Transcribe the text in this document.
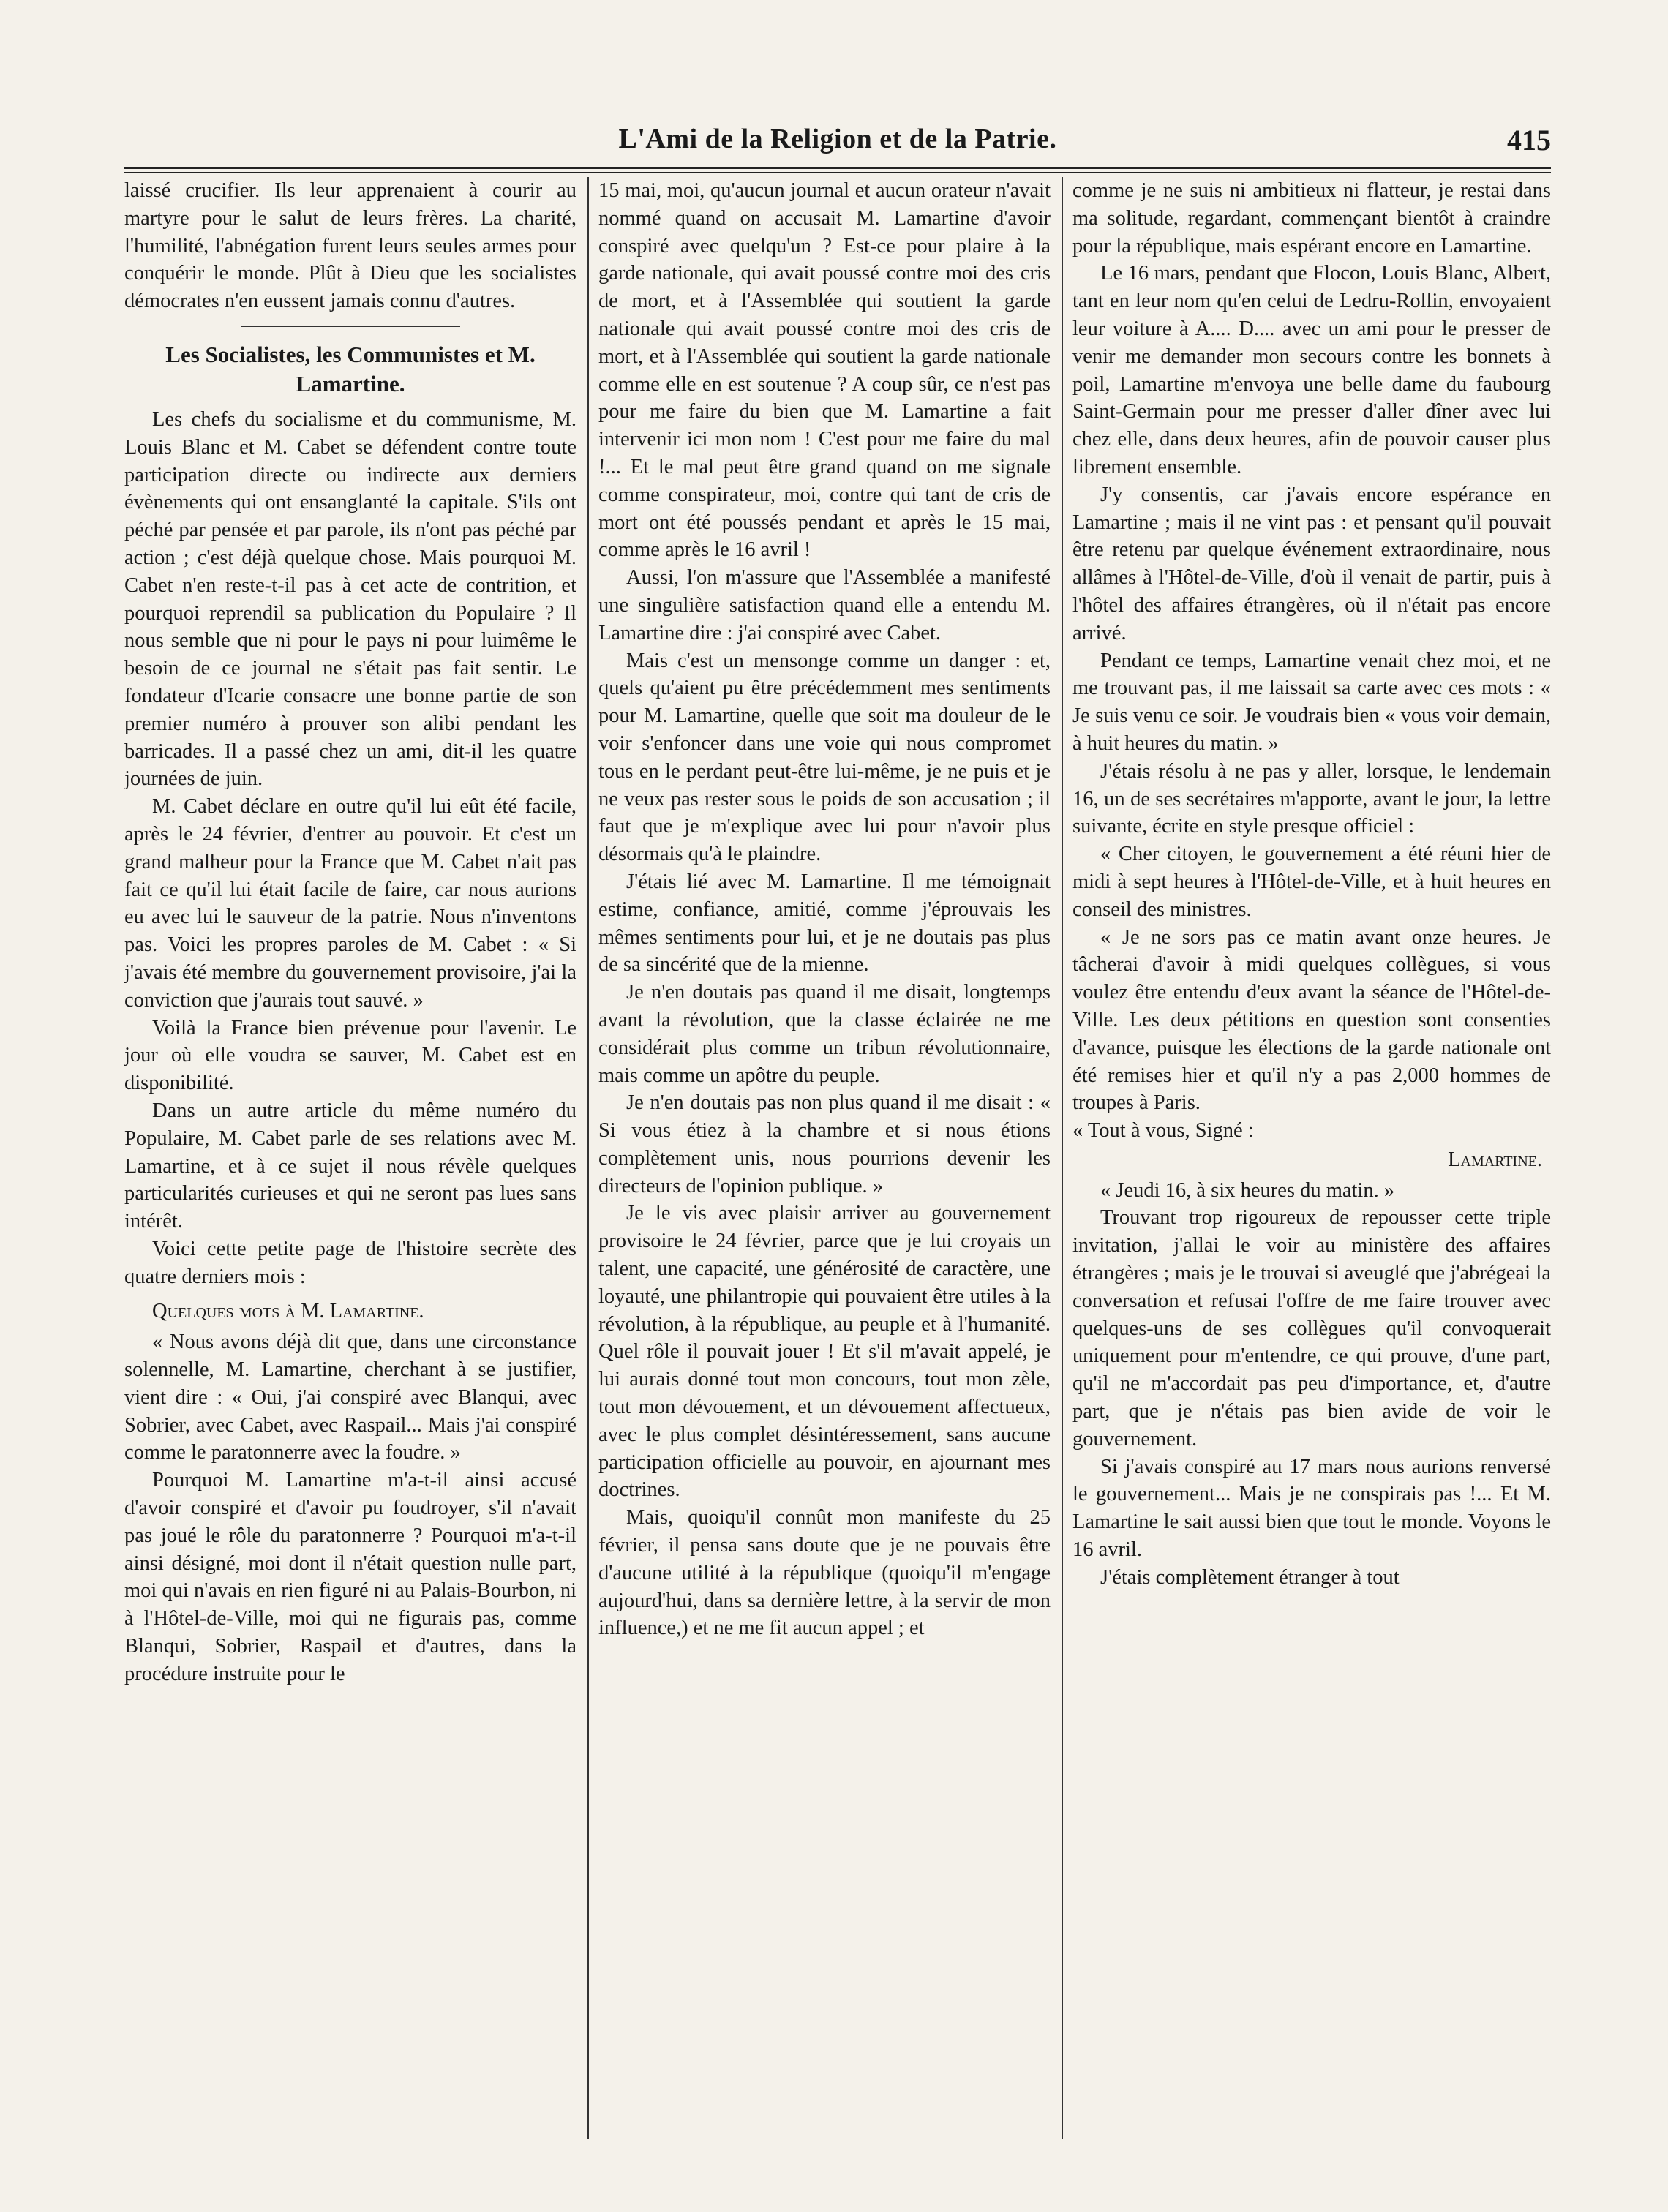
L'Ami de la Religion et de la Patrie.	415

laissé crucifier. Ils leur apprenaient à courir au martyre pour le salut de leurs frères. La charité, l'humilité, l'abnégation furent leurs seules armes pour conquérir le monde. Plût à Dieu que les socialistes démocrates n'en eussent jamais connu d'autres.

Les Socialistes, les Communistes et M. Lamartine.

Les chefs du socialisme et du communisme, M. Louis Blanc et M. Cabet se défendent contre toute participation directe ou indirecte aux derniers évènements qui ont ensanglanté la capitale. S'ils ont péché par pensée et par parole, ils n'ont pas péché par action ; c'est déjà quelque chose. Mais pourquoi M. Cabet n'en reste-t-il pas à cet acte de contrition, et pourquoi reprendil sa publication du Populaire ? Il nous semble que ni pour le pays ni pour luimême le besoin de ce journal ne s'était pas fait sentir. Le fondateur d'Icarie consacre une bonne partie de son premier numéro à prouver son alibi pendant les barricades. Il a passé chez un ami, dit-il les quatre journées de juin.

M. Cabet déclare en outre qu'il lui eût été facile, après le 24 février, d'entrer au pouvoir. Et c'est un grand malheur pour la France que M. Cabet n'ait pas fait ce qu'il lui était facile de faire, car nous aurions eu avec lui le sauveur de la patrie. Nous n'inventons pas. Voici les propres paroles de M. Cabet : « Si j'avais été membre du gouvernement provisoire, j'ai la conviction que j'aurais tout sauvé. »

Voilà la France bien prévenue pour l'avenir. Le jour où elle voudra se sauver, M. Cabet est en disponibilité.

Dans un autre article du même numéro du Populaire, M. Cabet parle de ses relations avec M. Lamartine, et à ce sujet il nous révèle quelques particularités curieuses et qui ne seront pas lues sans intérêt.

Voici cette petite page de l'histoire secrète des quatre derniers mois :

Quelques mots à M. Lamartine.

« Nous avons déjà dit que, dans une circonstance solennelle, M. Lamartine, cherchant à se justifier, vient dire : « Oui, j'ai conspiré avec Blanqui, avec Sobrier, avec Cabet, avec Raspail... Mais j'ai conspiré comme le paratonnerre avec la foudre. »

Pourquoi M. Lamartine m'a-t-il ainsi accusé d'avoir conspiré et d'avoir pu foudroyer, s'il n'avait pas joué le rôle du paratonnerre ? Pourquoi m'a-t-il ainsi désigné, moi dont il n'était question nulle part, moi qui n'avais en rien figuré ni au Palais-Bourbon, ni à l'Hôtel-de-Ville, moi qui ne figurais pas, comme Blanqui, Sobrier, Raspail et d'autres, dans la procédure instruite pour le

15 mai, moi, qu'aucun journal et aucun orateur n'avait nommé quand on accusait M. Lamartine d'avoir conspiré avec quelqu'un ? Est-ce pour plaire à la garde nationale, qui avait poussé contre moi des cris de mort, et à l'Assemblée qui soutient la garde nationale qui avait poussé contre moi des cris de mort, et à l'Assemblée qui soutient la garde nationale comme elle en est soutenue ? A coup sûr, ce n'est pas pour me faire du bien que M. Lamartine a fait intervenir ici mon nom ! C'est pour me faire du mal !... Et le mal peut être grand quand on me signale comme conspirateur, moi, contre qui tant de cris de mort ont été poussés pendant et après le 15 mai, comme après le 16 avril !

Aussi, l'on m'assure que l'Assemblée a manifesté une singulière satisfaction quand elle a entendu M. Lamartine dire : j'ai conspiré avec Cabet.

Mais c'est un mensonge comme un danger : et, quels qu'aient pu être précédemment mes sentiments pour M. Lamartine, quelle que soit ma douleur de le voir s'enfoncer dans une voie qui nous compromet tous en le perdant peut-être lui-même, je ne puis et je ne veux pas rester sous le poids de son accusation ; il faut que je m'explique avec lui pour n'avoir plus désormais qu'à le plaindre.

J'étais lié avec M. Lamartine. Il me témoignait estime, confiance, amitié, comme j'éprouvais les mêmes sentiments pour lui, et je ne doutais pas plus de sa sincérité que de la mienne.

Je n'en doutais pas quand il me disait, longtemps avant la révolution, que la classe éclairée ne me considérait plus comme un tribun révolutionnaire, mais comme un apôtre du peuple.

Je n'en doutais pas non plus quand il me disait : « Si vous étiez à la chambre et si nous étions complètement unis, nous pourrions devenir les directeurs de l'opinion publique. »

Je le vis avec plaisir arriver au gouvernement provisoire le 24 février, parce que je lui croyais un talent, une capacité, une générosité de caractère, une loyauté, une philantropie qui pouvaient être utiles à la révolution, à la république, au peuple et à l'humanité. Quel rôle il pouvait jouer ! Et s'il m'avait appelé, je lui aurais donné tout mon concours, tout mon zèle, tout mon dévouement, et un dévouement affectueux, avec le plus complet désintéressement, sans aucune participation officielle au pouvoir, en ajournant mes doctrines.

Mais, quoiqu'il connût mon manifeste du 25 février, il pensa sans doute que je ne pouvais être d'aucune utilité à la république (quoiqu'il m'engage aujourd'hui, dans sa dernière lettre, à la servir de mon influence,) et ne me fit aucun appel ; et

comme je ne suis ni ambitieux ni flatteur, je restai dans ma solitude, regardant, commençant bientôt à craindre pour la république, mais espérant encore en Lamartine.

Le 16 mars, pendant que Flocon, Louis Blanc, Albert, tant en leur nom qu'en celui de Ledru-Rollin, envoyaient leur voiture à A.... D.... avec un ami pour le presser de venir me demander mon secours contre les bonnets à poil, Lamartine m'envoya une belle dame du faubourg Saint-Germain pour me presser d'aller dîner avec lui chez elle, dans deux heures, afin de pouvoir causer plus librement ensemble.

J'y consentis, car j'avais encore espérance en Lamartine ; mais il ne vint pas : et pensant qu'il pouvait être retenu par quelque événement extraordinaire, nous allâmes à l'Hôtel-de-Ville, d'où il venait de partir, puis à l'hôtel des affaires étrangères, où il n'était pas encore arrivé.

Pendant ce temps, Lamartine venait chez moi, et ne me trouvant pas, il me laissait sa carte avec ces mots : « Je suis venu ce soir. Je voudrais bien « vous voir demain, à huit heures du matin. »

J'étais résolu à ne pas y aller, lorsque, le lendemain 16, un de ses secrétaires m'apporte, avant le jour, la lettre suivante, écrite en style presque officiel :

« Cher citoyen, le gouvernement a été réuni hier de midi à sept heures à l'Hôtel-de-Ville, et à huit heures en conseil des ministres.

« Je ne sors pas ce matin avant onze heures. Je tâcherai d'avoir à midi quelques collègues, si vous voulez être entendu d'eux avant la séance de l'Hôtel-de-Ville. Les deux pétitions en question sont consenties d'avance, puisque les élections de la garde nationale ont été remises hier et qu'il n'y a pas 2,000 hommes de troupes à Paris.

« Tout à vous, Signé :

Lamartine.

« Jeudi 16, à six heures du matin. »

Trouvant trop rigoureux de repousser cette triple invitation, j'allai le voir au ministère des affaires étrangères ; mais je le trouvai si aveuglé que j'abrégeai la conversation et refusai l'offre de me faire trouver avec quelques-uns de ses collègues qu'il convoquerait uniquement pour m'entendre, ce qui prouve, d'une part, qu'il ne m'accordait pas peu d'importance, et, d'autre part, que je n'étais pas bien avide de voir le gouvernement.

Si j'avais conspiré au 17 mars nous aurions renversé le gouvernement... Mais je ne conspirais pas !... Et M. Lamartine le sait aussi bien que tout le monde. Voyons le 16 avril.

J'étais complètement étranger à tout
